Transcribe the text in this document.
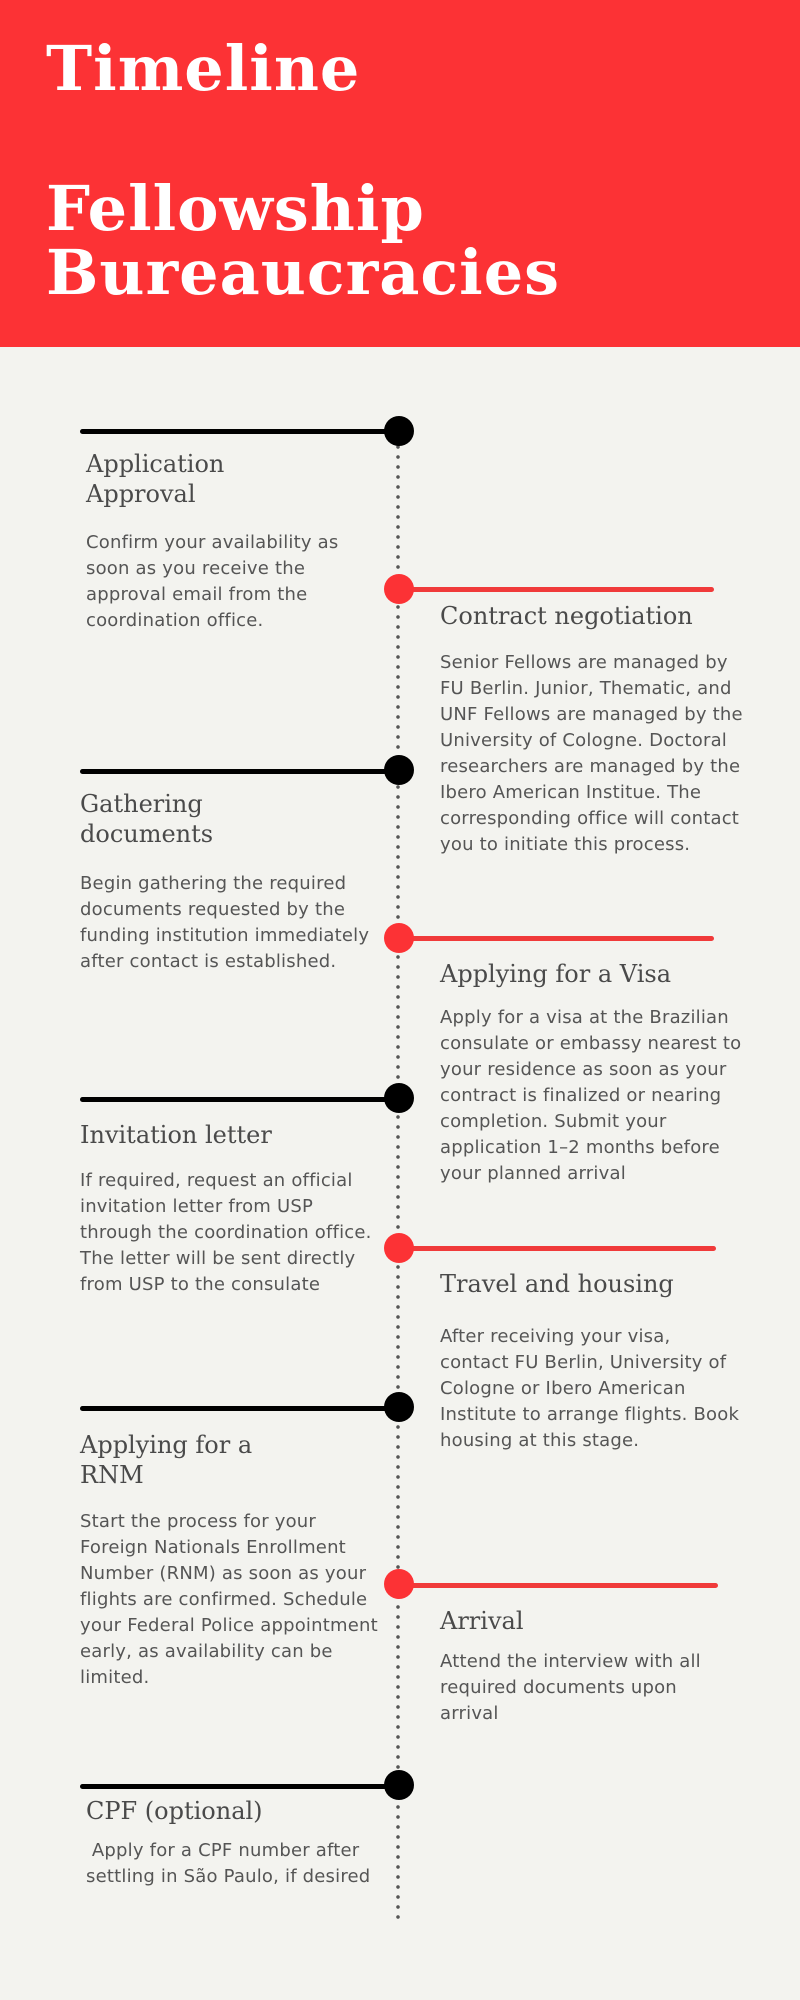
Timeline
Fellowship
Bureaucracies
Application Approval

Confirm your availability as soon as you receive the approval email from the coordination office.	Contract negotiation

Senior Fellows are managed by FU Berlin. Junior, Thematic, and UNF Fellows are managed by the University of Cologne. Doctoral researchers are managed by the Ibero American Institue. The corresponding office will contact you to initiate this process.

Gathering documents

Begin gathering the required documents requested by the funding institution immediately after contact is established.	Applying for a Visa

Apply for a visa at the Brazilian consulate or embassy nearest to your residence as soon as your contract is finalized or nearing completion. Submit your application 1–2 months before your planned arrival

Invitation letter

If required, request an official invitation letter from USP through the coordination office. The letter will be sent directly from USP to the consulate	Travel and housing

After receiving your visa, contact FU Berlin, University of Cologne or Ibero American Institute to arrange flights. Book housing at this stage.

Applying for a RNM

Start the process for your Foreign Nationals Enrollment Number (RNM) as soon as your flights are confirmed. Schedule your Federal Police appointment early, as availability can be limited.

Arrival

Attend the interview with all required documents upon arrival

CPF (optional)

Apply for a CPF number after settling in São Paulo, if desired
